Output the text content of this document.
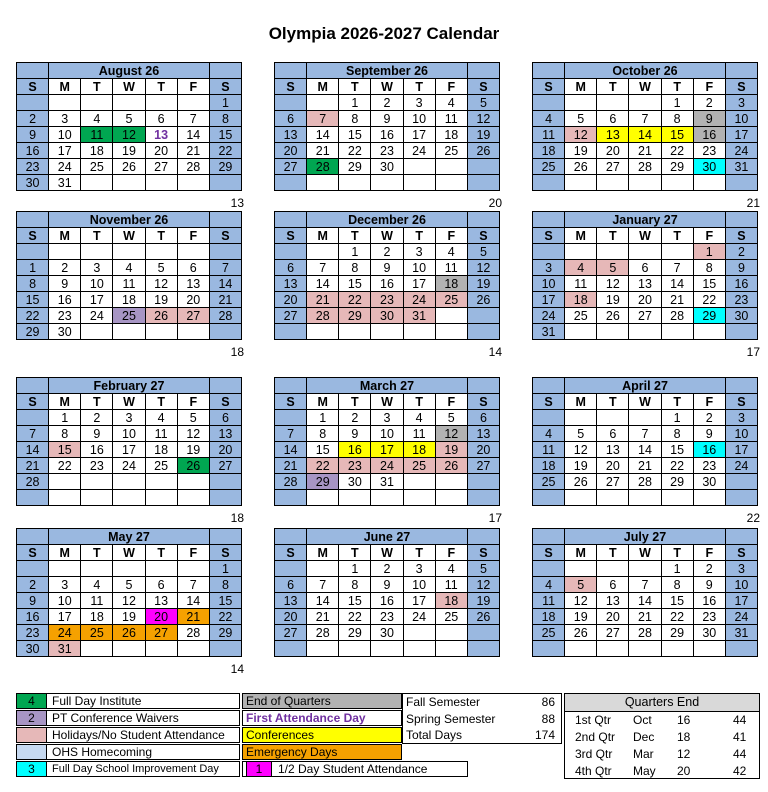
Olympia 2026-2027 Calendar
	August 26					
S	M	T	W	T	F	S
						1
2	3	4	5	6	7	8
9	10	11	12	13	14	15
16	17	18	19	20	21	22
23	24	25	26	27	28	29
30	31					
13
	September 26					
S	M	T	W	T	F	S
		1	2	3	4	5
6	7	8	9	10	11	12
13	14	15	16	17	18	19
20	21	22	23	24	25	26
27	28	29	30			

20
	October 26					
S	M	T	W	T	F	S
				1	2	3
4	5	6	7	8	9	10
11	12	13	14	15	16	17
18	19	20	21	22	23	24
25	26	27	28	29	30	31

21
	November 26					
S	M	T	W	T	F	S

1	2	3	4	5	6	7
8	9	10	11	12	13	14
15	16	17	18	19	20	21
22	23	24	25	26	27	28
29	30					
18
	December 26					
S	M	T	W	T	F	S
		1	2	3	4	5
6	7	8	9	10	11	12
13	14	15	16	17	18	19
20	21	22	23	24	25	26
27	28	29	30	31		

14
	January 27					
S	M	T	W	T	F	S
					1	2
3	4	5	6	7	8	9
10	11	12	13	14	15	16
17	18	19	20	21	22	23
24	25	26	27	28	29	30
31						
17
	February 27					
S	M	T	W	T	F	S
	1	2	3	4	5	6
7	8	9	10	11	12	13
14	15	16	17	18	19	20
21	22	23	24	25	26	27
28						

18
	March 27					
S	M	T	W	T	F	S
	1	2	3	4	5	6
7	8	9	10	11	12	13
14	15	16	17	18	19	20
21	22	23	24	25	26	27
28	29	30	31			

17
	April 27					
S	M	T	W	T	F	S
				1	2	3
4	5	6	7	8	9	10
11	12	13	14	15	16	17
18	19	20	21	22	23	24
25	26	27	28	29	30	

22
	May 27					
S	M	T	W	T	F	S
						1
2	3	4	5	6	7	8
9	10	11	12	13	14	15
16	17	18	19	20	21	22
23	24	25	26	27	28	29
30	31					
14
	June 27					
S	M	T	W	T	F	S
		1	2	3	4	5
6	7	8	9	10	11	12
13	14	15	16	17	18	19
20	21	22	23	24	25	26
27	28	29	30			

	July 27					
S	M	T	W	T	F	S
				1	2	3
4	5	6	7	8	9	10
11	12	13	14	15	16	17
18	19	20	21	22	23	24
25	26	27	28	29	30	31

4	Full Day Institute
2	PT Conference Waivers
Holidays/No Student Attendance
OHS Homecoming
3	Full Day School Improvement Day
End of Quarters
First Attendance Day
Conferences
Emergency Days
1	1/2 Day Student Attendance
Fall Semester	86
Spring Semester	88
Total Days	174
Quarters End
1st Qtr Oct 16	44
2nd Qtr Dec 18	41
3rd Qtr Mar 12	44
4th Qtr May 20	42
